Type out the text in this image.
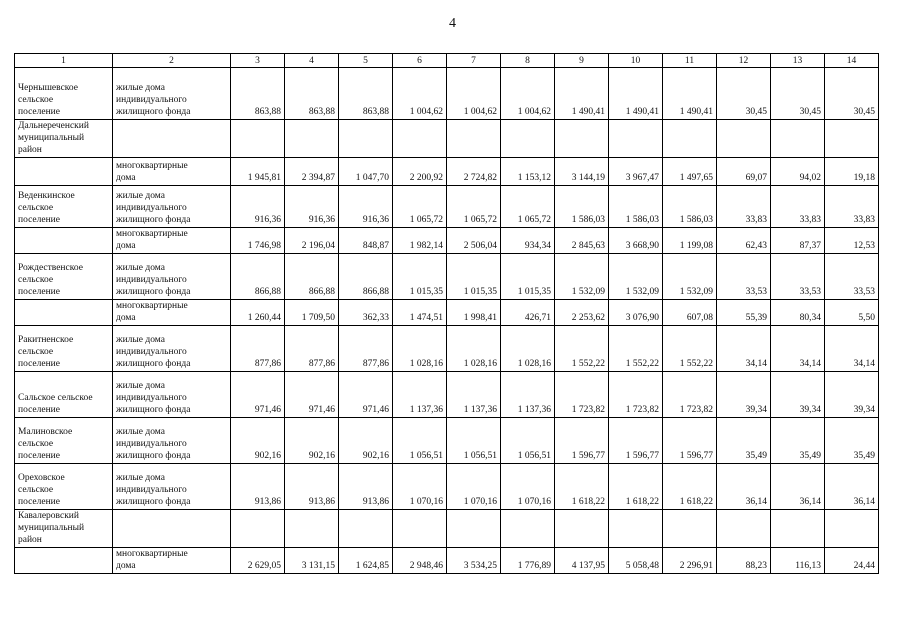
4
1	2	3	4	5	6	7	8	9	10	11	12	13	14
Чернышевское
сельское
поселение	жилые дома
индивидуального
жилищного фонда	863,88	863,88	863,88	1 004,62	1 004,62	1 004,62	1 490,41	1 490,41	1 490,41	30,45	30,45	30,45
Дальнереченский
муниципальный
район													
	многоквартирные
дома	1 945,81	2 394,87	1 047,70	2 200,92	2 724,82	1 153,12	3 144,19	3 967,47	1 497,65	69,07	94,02	19,18
Веденкинское
сельское
поселение	жилые дома
индивидуального
жилищного фонда	916,36	916,36	916,36	1 065,72	1 065,72	1 065,72	1 586,03	1 586,03	1 586,03	33,83	33,83	33,83
	многоквартирные
дома	1 746,98	2 196,04	848,87	1 982,14	2 506,04	934,34	2 845,63	3 668,90	1 199,08	62,43	87,37	12,53
Рождественское
сельское
поселение	жилые дома
индивидуального
жилищного фонда	866,88	866,88	866,88	1 015,35	1 015,35	1 015,35	1 532,09	1 532,09	1 532,09	33,53	33,53	33,53
	многоквартирные
дома	1 260,44	1 709,50	362,33	1 474,51	1 998,41	426,71	2 253,62	3 076,90	607,08	55,39	80,34	5,50
Ракитненское
сельское
поселение	жилые дома
индивидуального
жилищного фонда	877,86	877,86	877,86	1 028,16	1 028,16	1 028,16	1 552,22	1 552,22	1 552,22	34,14	34,14	34,14
Сальское сельское
поселение	жилые дома
индивидуального
жилищного фонда	971,46	971,46	971,46	1 137,36	1 137,36	1 137,36	1 723,82	1 723,82	1 723,82	39,34	39,34	39,34
Малиновское
сельское
поселение	жилые дома
индивидуального
жилищного фонда	902,16	902,16	902,16	1 056,51	1 056,51	1 056,51	1 596,77	1 596,77	1 596,77	35,49	35,49	35,49
Ореховское
сельское
поселение	жилые дома
индивидуального
жилищного фонда	913,86	913,86	913,86	1 070,16	1 070,16	1 070,16	1 618,22	1 618,22	1 618,22	36,14	36,14	36,14
Кавалеровский
муниципальный
район													
	многоквартирные
дома	2 629,05	3 131,15	1 624,85	2 948,46	3 534,25	1 776,89	4 137,95	5 058,48	2 296,91	88,23	116,13	24,44
